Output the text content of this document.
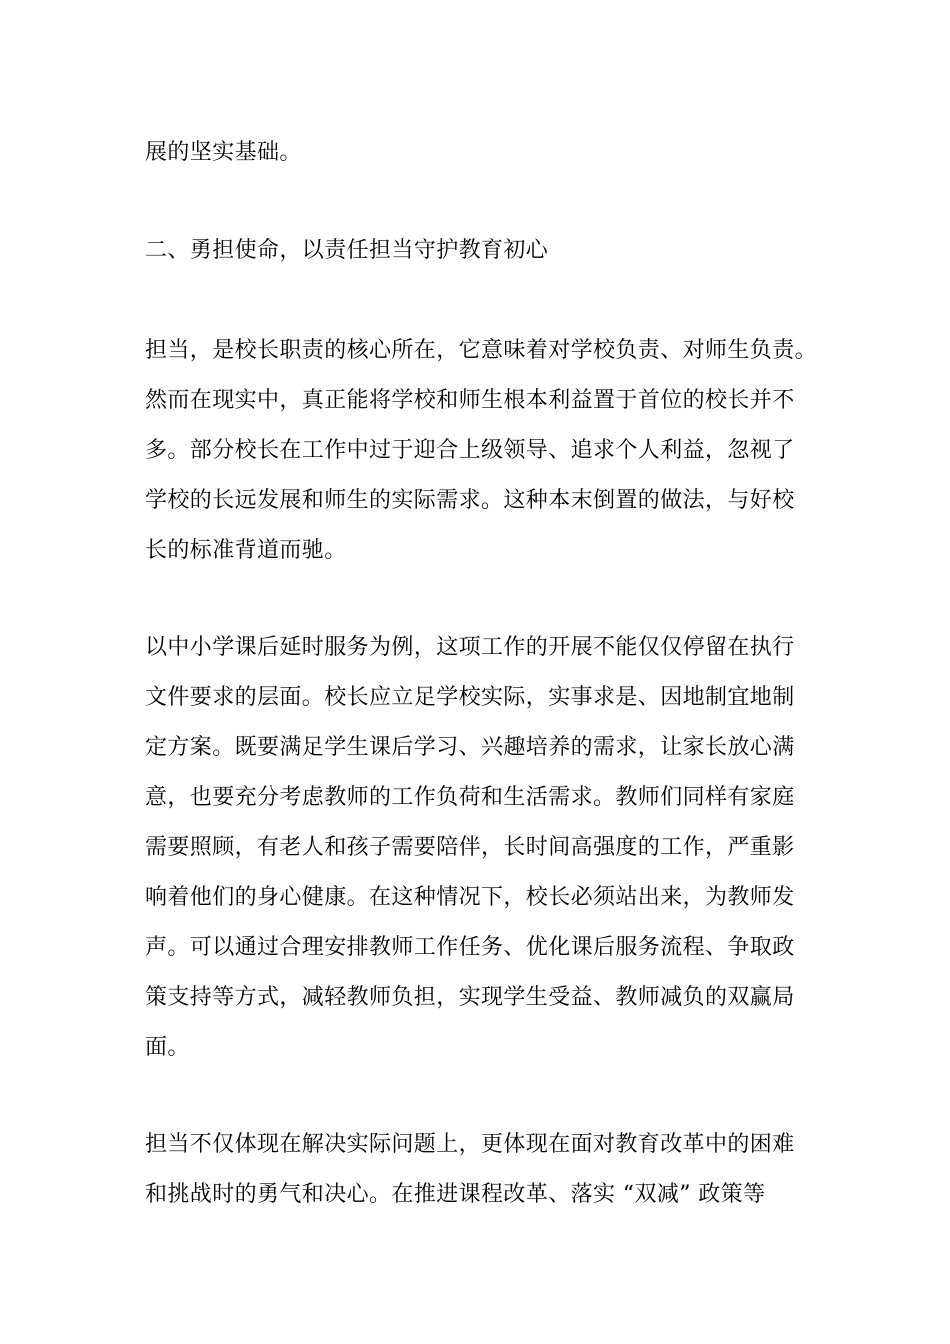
展的坚实基础。
二、勇担使命，以责任担当守护教育初心
担当，是校长职责的核心所在，它意味着对学校负责、对师生负责。
然而在现实中，真正能将学校和师生根本利益置于首位的校长并不
多。部分校长在工作中过于迎合上级领导、追求个人利益，忽视了
学校的长远发展和师生的实际需求。这种本末倒置的做法，与好校
长的标准背道而驰。
以中小学课后延时服务为例，这项工作的开展不能仅仅停留在执行
文件要求的层面。校长应立足学校实际，实事求是、因地制宜地制
定方案。既要满足学生课后学习、兴趣培养的需求，让家长放心满
意，也要充分考虑教师的工作负荷和生活需求。教师们同样有家庭
需要照顾，有老人和孩子需要陪伴，长时间高强度的工作，严重影
响着他们的身心健康。在这种情况下，校长必须站出来，为教师发
声。可以通过合理安排教师工作任务、优化课后服务流程、争取政
策支持等方式，减轻教师负担，实现学生受益、教师减负的双赢局
面。
担当不仅体现在解决实际问题上，更体现在面对教育改革中的困难
和挑战时的勇气和决心。在推进课程改革、落实 “双减” 政策等
